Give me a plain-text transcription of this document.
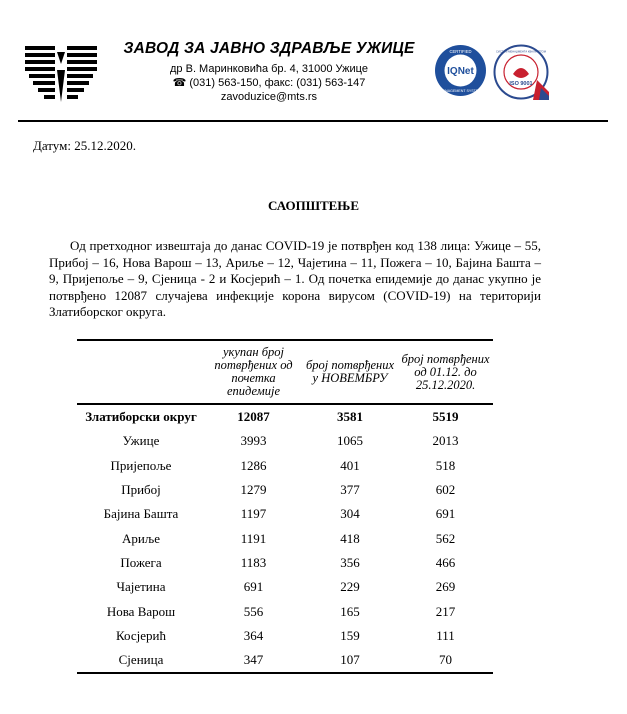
ЗАВОД ЗА ЈАВНО ЗДРАВЉЕ УЖИЦЕ
др В. Маринковића бр. 4, 31000 Ужице
☎ (031) 563-150, факс: (031) 563-147
zavoduzice@mts.rs
IQNet
CERTIFIED
MANAGEMENT SYSTEM
ISO 9001
СИСТЕМ МЕНАЏМЕНТА КВАЛИТЕТОМ
Датум: 25.12.2020.
САОПШТЕЊЕ
Од претходног извештаја до данас COVID-19 је потврђен код 138 лица: Ужице – 55, Прибој – 16, Нова Варош – 13, Ариље – 12, Чајетина – 11, Пожега – 10, Бајина Башта – 9, Пријепоље – 9, Сјеница - 2 и Косјерић – 1. Од почетка епидемије до данас укупно је потврђено 12087 случајева инфекције корона вирусом (COVID-19) на територији Златиборског округа.
	укупан број потврђених од почетка епидемије	број потврђених у НОВЕМБРУ	број потврђених од 01.12. до 25.12.2020.
Златиборски округ	12087	3581	5519
Ужице	3993	1065	2013
Пријепоље	1286	401	518
Прибој	1279	377	602
Бајина Башта	1197	304	691
Ариље	1191	418	562
Пожега	1183	356	466
Чајетина	691	229	269
Нова Варош	556	165	217
Косјерић	364	159	111
Сјеница	347	107	70
